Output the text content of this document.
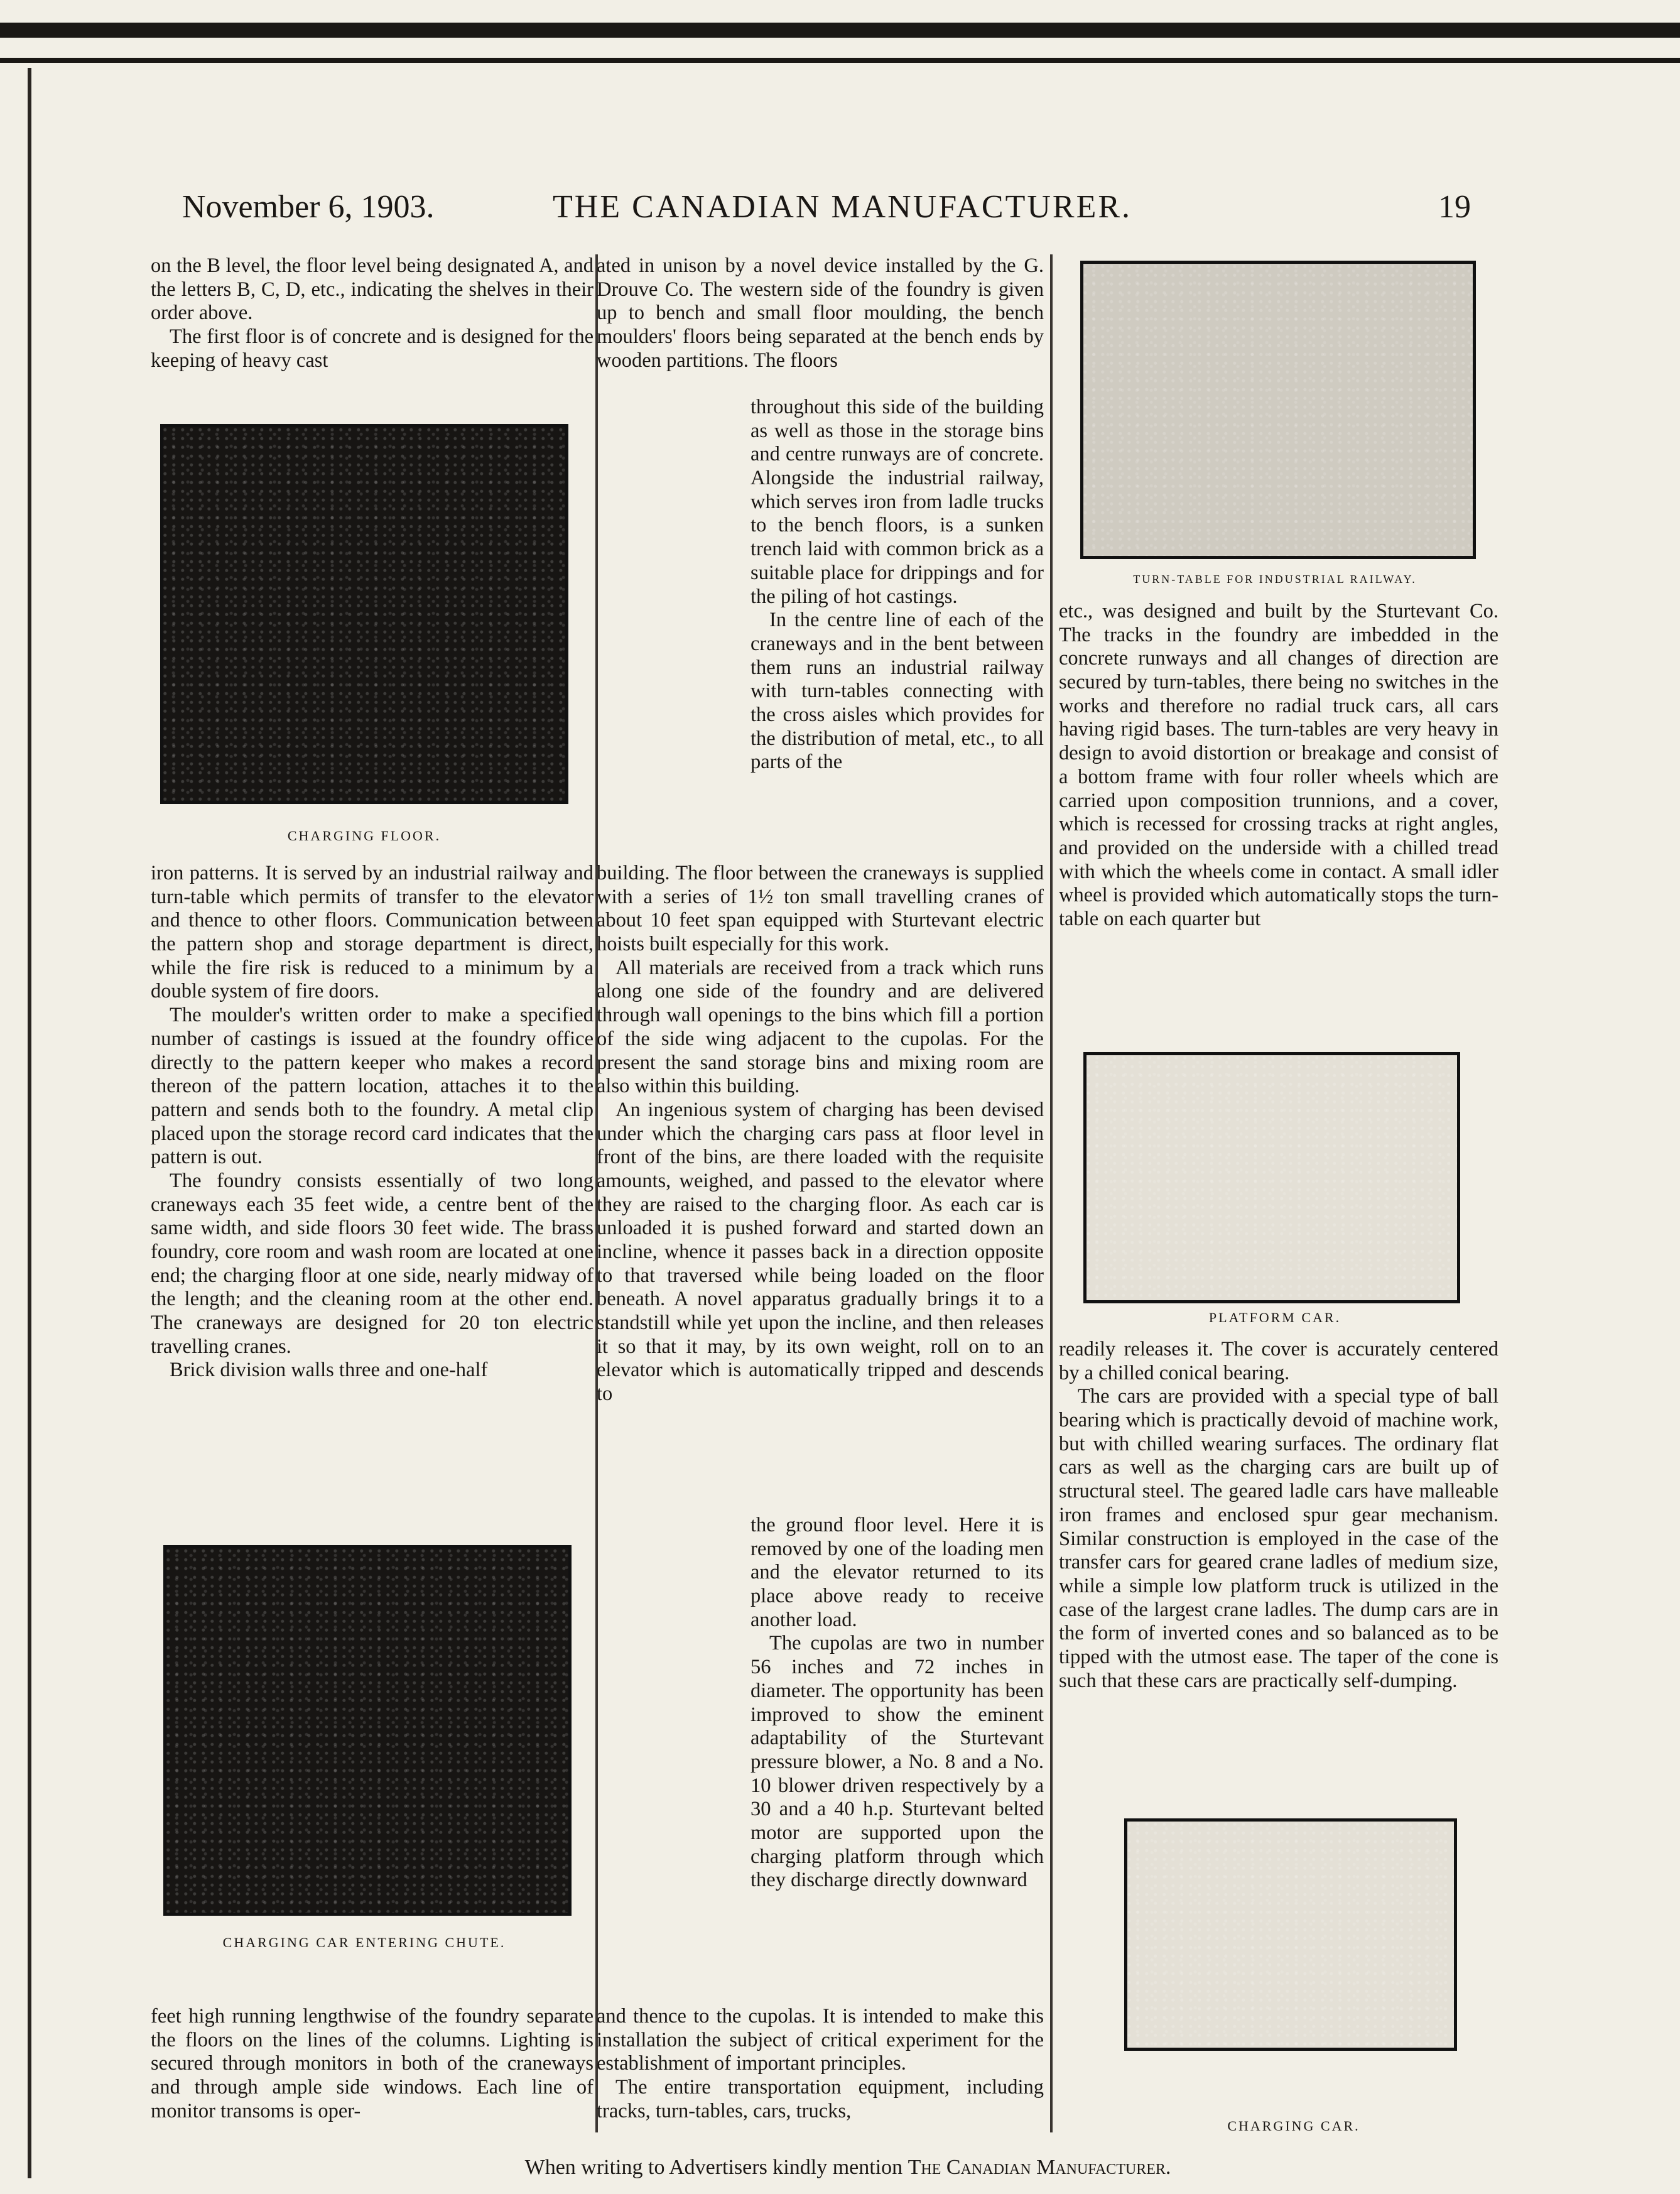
November 6, 1903.	THE CANADIAN MANUFACTURER.	19

on the B level, the floor level being designated A, and the letters B, C, D, etc., indicating the shelves in their order above.

The first floor is of concrete and is designed for the keeping of heavy cast

CHARGING FLOOR.

iron patterns. It is served by an industrial railway and turn-table which permits of transfer to the elevator and thence to other floors. Communication between the pattern shop and storage department is direct, while the fire risk is reduced to a minimum by a double system of fire doors.

The moulder's written order to make a specified number of castings is issued at the foundry office directly to the pattern keeper who makes a record thereon of the pattern location, attaches it to the pattern and sends both to the foundry. A metal clip placed upon the storage record card indicates that the pattern is out.

The foundry consists essentially of two long craneways each 35 feet wide, a centre bent of the same width, and side floors 30 feet wide. The brass foundry, core room and wash room are located at one end; the charging floor at one side, nearly midway of the length; and the cleaning room at the other end. The craneways are designed for 20 ton electric travelling cranes.

Brick division walls three and one-half

CHARGING CAR ENTERING CHUTE.

feet high running lengthwise of the foundry separate the floors on the lines of the columns. Lighting is secured through monitors in both of the craneways and through ample side windows. Each line of monitor transoms is oper-

ated in unison by a novel device installed by the G. Drouve Co. The western side of the foundry is given up to bench and small floor moulding, the bench moulders' floors being separated at the bench ends by wooden partitions. The floors

throughout this side of the building as well as those in the storage bins and centre runways are of concrete. Alongside the industrial railway, which serves iron from ladle trucks to the bench floors, is a sunken trench laid with common brick as a suitable place for drippings and for the piling of hot castings.

In the centre line of each of the craneways and in the bent between them runs an industrial railway with turn-tables connecting with the cross aisles which provides for the distribution of metal, etc., to all parts of the

building. The floor between the craneways is supplied with a series of 1½ ton small travelling cranes of about 10 feet span equipped with Sturtevant electric hoists built especially for this work.

All materials are received from a track which runs along one side of the foundry and are delivered through wall openings to the bins which fill a portion of the side wing adjacent to the cupolas. For the present the sand storage bins and mixing room are also within this building.

An ingenious system of charging has been devised under which the charging cars pass at floor level in front of the bins, are there loaded with the requisite amounts, weighed, and passed to the elevator where they are raised to the charging floor. As each car is unloaded it is pushed forward and started down an incline, whence it passes back in a direction opposite to that traversed while being loaded on the floor beneath. A novel apparatus gradually brings it to a standstill while yet upon the incline, and then releases it so that it may, by its own weight, roll on to an elevator which is automatically tripped and descends to

the ground floor level. Here it is removed by one of the loading men and the elevator returned to its place above ready to receive another load.

The cupolas are two in number 56 inches and 72 inches in diameter. The opportunity has been improved to show the eminent adaptability of the Sturtevant pressure blower, a No. 8 and a No. 10 blower driven respectively by a 30 and a 40 h.p. Sturtevant belted motor are supported upon the charging platform through which they discharge directly downward

and thence to the cupolas. It is intended to make this installation the subject of critical experiment for the establishment of important principles.

The entire transportation equipment, including tracks, turn-tables, cars, trucks,

TURN-TABLE FOR INDUSTRIAL RAILWAY.

etc., was designed and built by the Sturtevant Co. The tracks in the foundry are imbedded in the concrete runways and all changes of direction are secured by turn-tables, there being no switches in the works and therefore no radial truck cars, all cars having rigid bases. The turn-tables are very heavy in design to avoid distortion or breakage and consist of a bottom frame with four roller wheels which are carried upon composition trunnions, and a cover, which is recessed for crossing tracks at right angles, and provided on the underside with a chilled tread with which the wheels come in contact. A small idler wheel is provided which automatically stops the turn-table on each quarter but

PLATFORM CAR.

readily releases it. The cover is accurately centered by a chilled conical bearing.

The cars are provided with a special type of ball bearing which is practically devoid of machine work, but with chilled wearing surfaces. The ordinary flat cars as well as the charging cars are built up of structural steel. The geared ladle cars have malleable iron frames and enclosed spur gear mechanism. Similar construction is employed in the case of the transfer cars for geared crane ladles of medium size, while a simple low platform truck is utilized in the case of the largest crane ladles. The dump cars are in the form of inverted cones and so balanced as to be tipped with the utmost ease. The taper of the cone is such that these cars are practically self-dumping.

CHARGING CAR.
When writing to Advertisers kindly mention The Canadian Manufacturer.
